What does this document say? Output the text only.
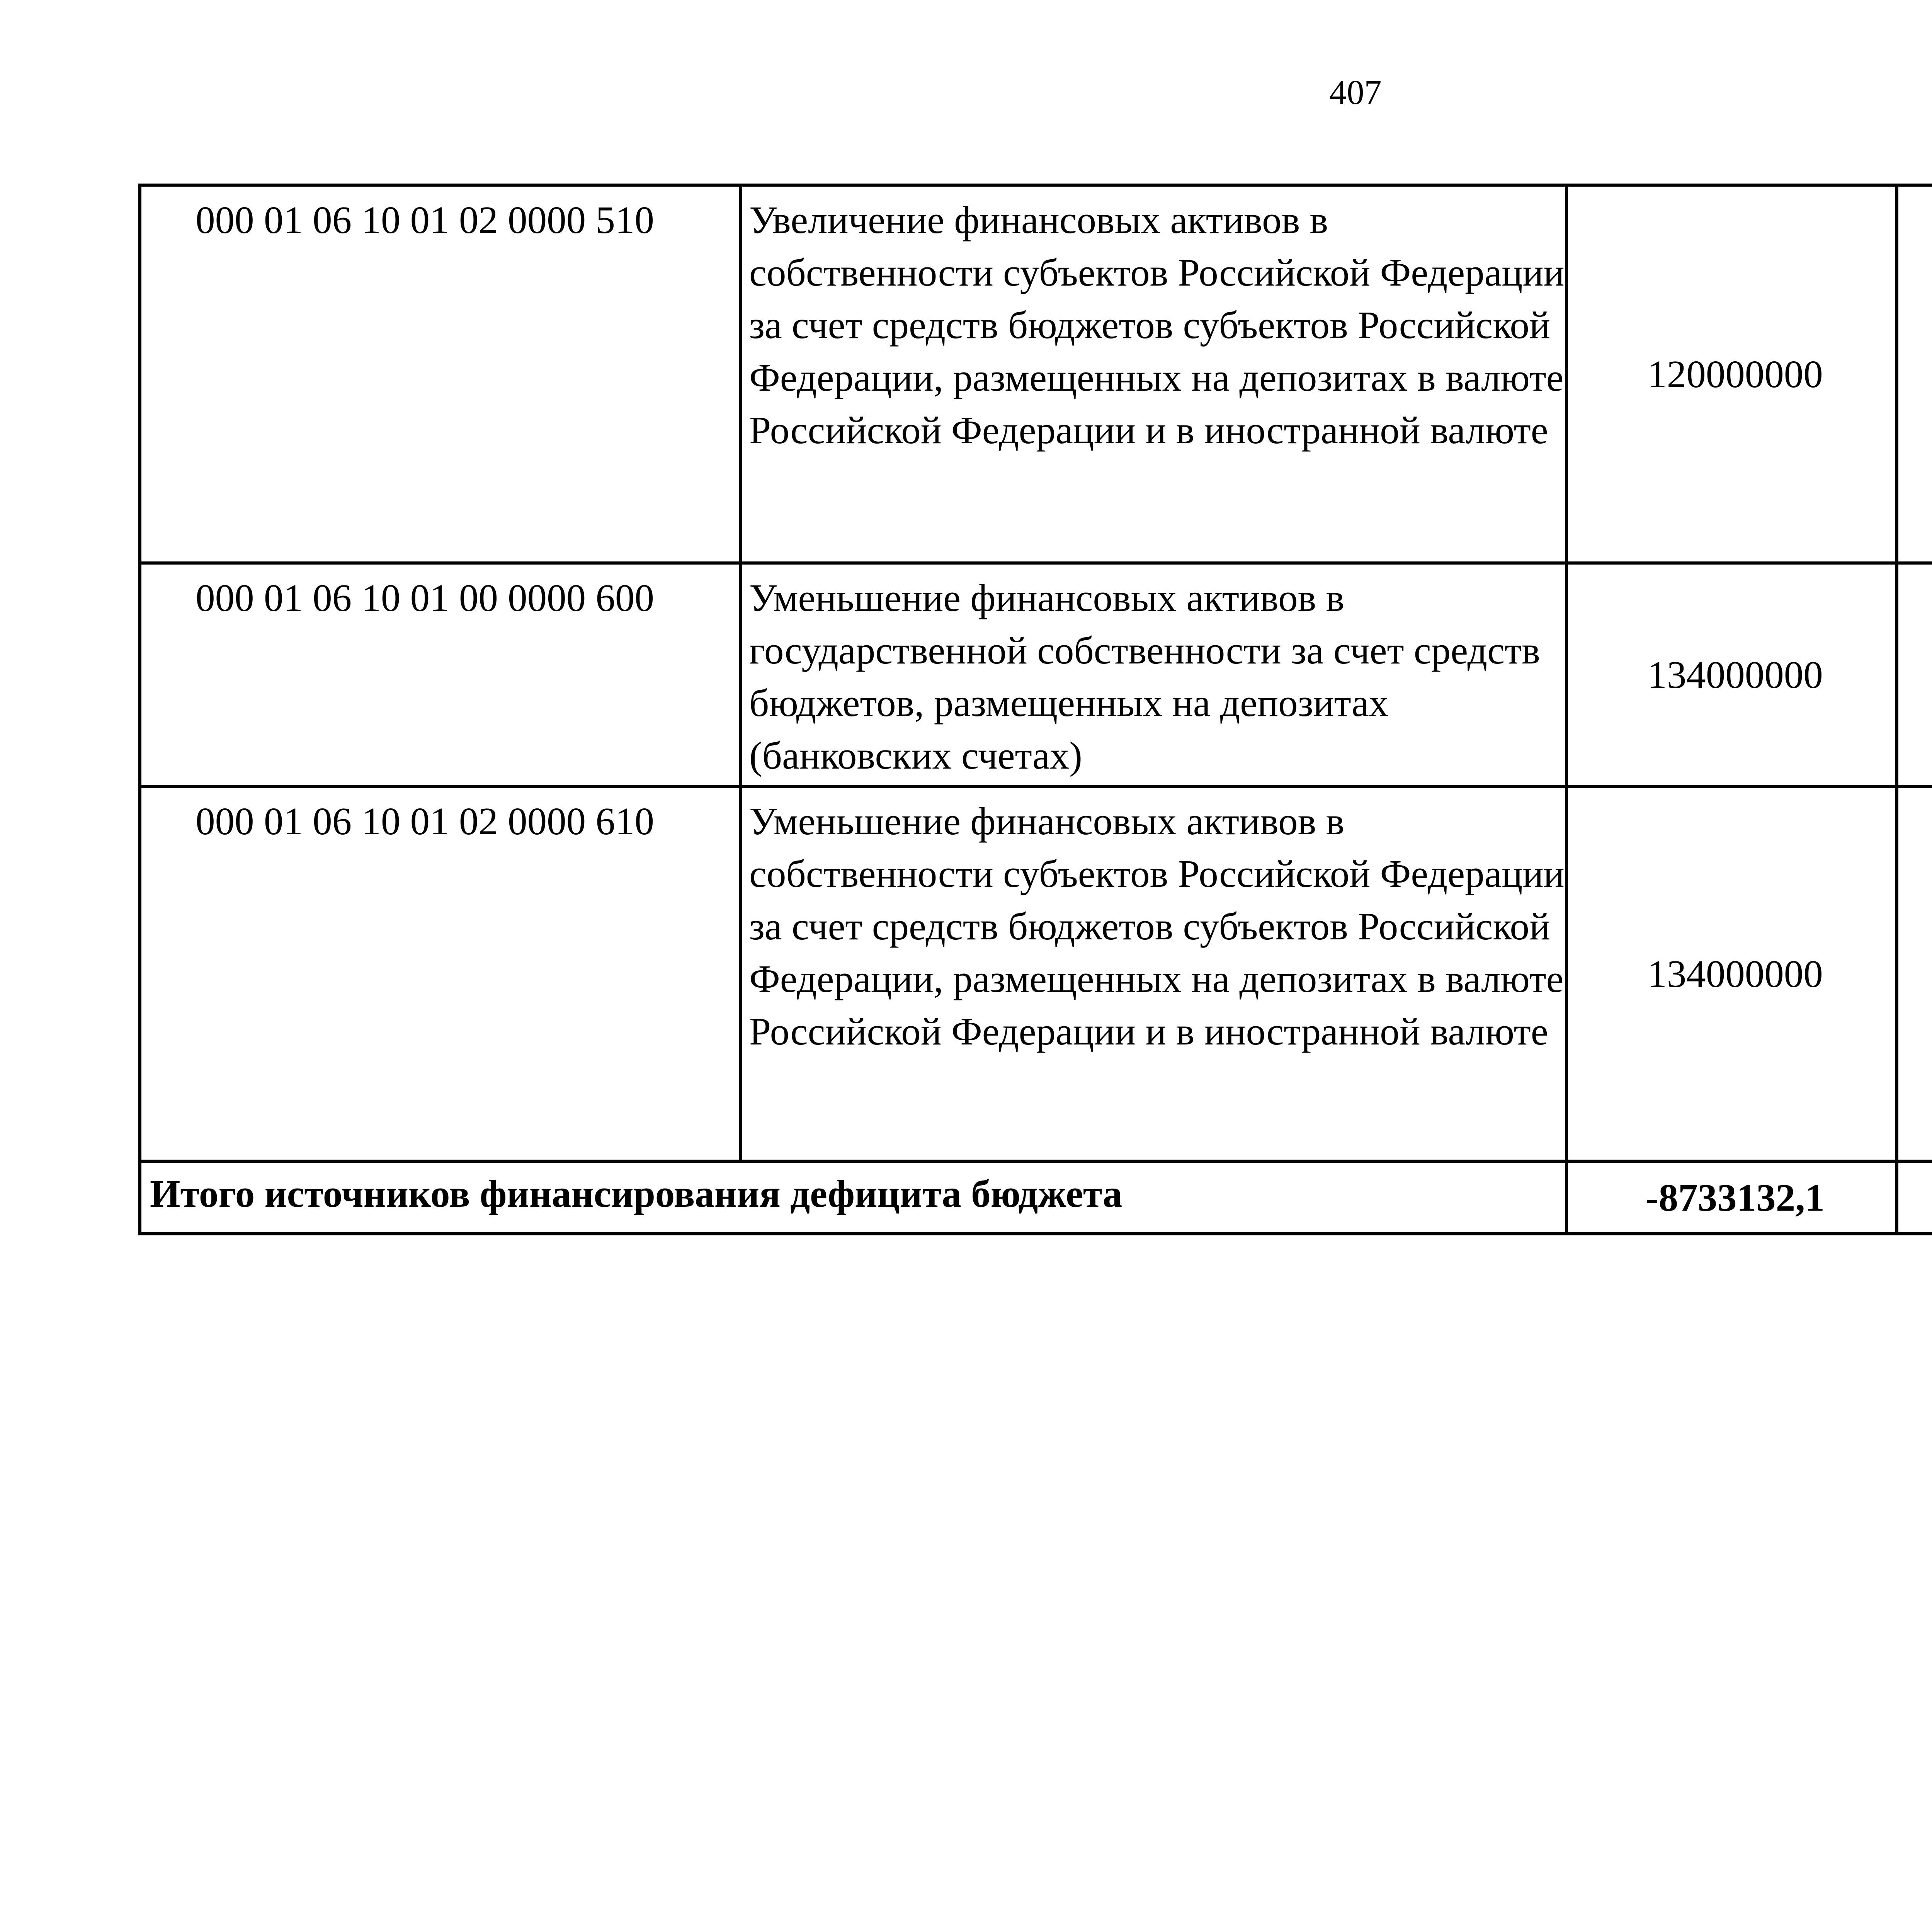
407
000 01 06 10 01 02 0000 510	Увеличение финансовых активов в собственности субъектов Российской Федерации за счет средств бюджетов субъектов Российской Федерации, размещенных на депозитах в валюте Российской Федерации и в иностранной валюте	120000000		
000 01 06 10 01 00 0000 600	Уменьшение финансовых активов в государственной собственности за счет средств бюджетов, размещенных на депозитах (банковских счетах)	134000000		
000 01 06 10 01 02 0000 610	Уменьшение финансовых активов в собственности субъектов Российской Федерации за счет средств бюджетов субъектов Российской Федерации, размещенных на депозитах в валюте Российской Федерации и в иностранной валюте	134000000		
Итого источников финансирования дефицита бюджета		-8733132,1		
